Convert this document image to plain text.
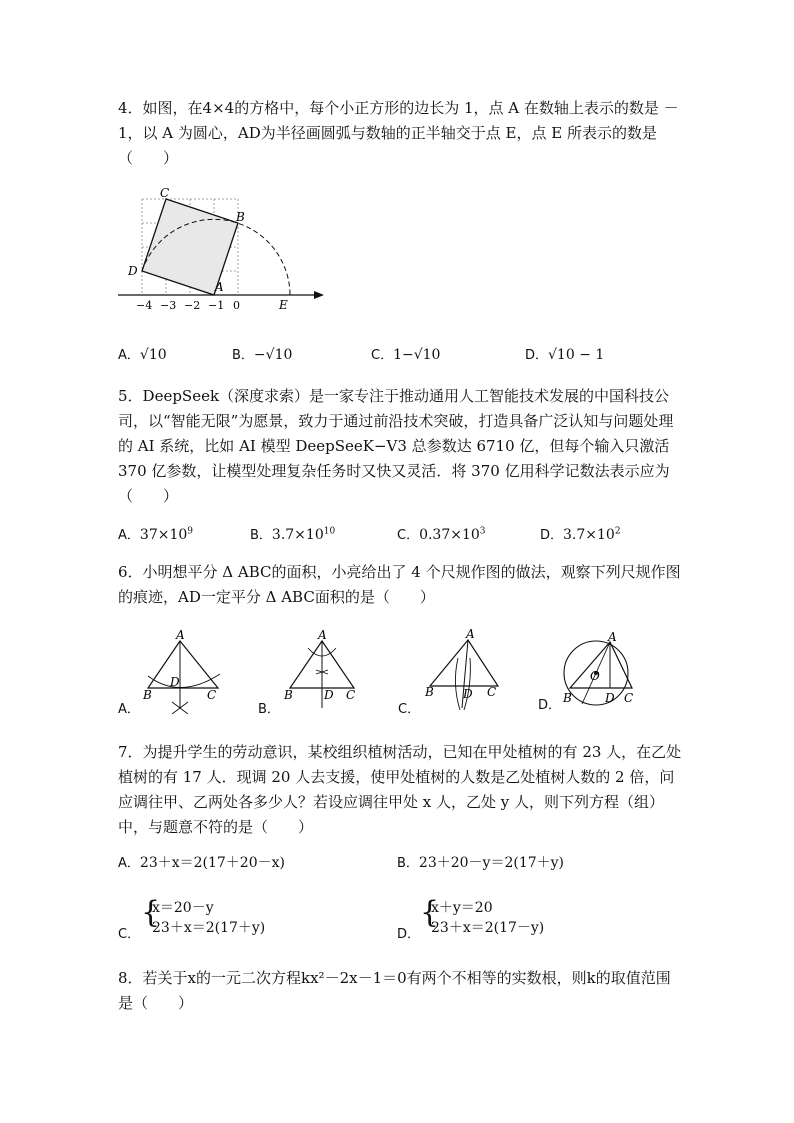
4．如图，在4×4的方格中，每个小正方形的边长为 1，点 A 在数轴上表示的数是 －1，以 A 为圆心，AD为半径画圆弧与数轴的正半轴交于点 E，点 E 所表示的数是（　　）
C
B
D
A
E
−4 −3 −2 −1 0
A．√10	B．−√10	C．1−√10	D．√10 − 1
5．DeepSeek（深度求索）是一家专注于推动通用人工智能技术发展的中国科技公司，以“智能无限”为愿景，致力于通过前沿技术突破，打造具备广泛认知与问题处理的 AI 系统，比如 AI 模型 DeepSeeK−V3 总参数达 6710 亿，但每个输入只激活 370 亿参数，让模型处理复杂任务时又快又灵活．将 370 亿用科学记数法表示应为（　　）
A．$37\times 10^9$	B．$3.7\times 10^{10}$	C．$0.37\times 10^3$	D．$3.7\times 10^2$
6．小明想平分 Δ ABC的面积，小亮给出了 4 个尺规作图的做法，观察下列尺规作图的痕迹，AD一定平分 Δ ABC面积的是（　　）
A
B
D
C
A．
A
B	D C
B．
A
B D C
C．
A
B
O
D C
D．
7．为提升学生的劳动意识，某校组织植树活动，已知在甲处植树的有 23 人，在乙处植树的有 17 人．现调 20 人去支援，使甲处植树的人数是乙处植树人数的 2 倍，问应调往甲、乙两处各多少人？若设应调往甲处 x 人，乙处 y 人，则下列方程（组）中，与题意不符的是（　　）
A．23＋x＝2(17＋20－x)	B．23＋20－y＝2(17＋y)
C．
{
x＝20－y
23＋x＝2(17＋y)	D．
{
x＋y＝20
23＋x＝2(17－y)
8．若关于x的一元二次方程kx²－2x－1＝0有两个不相等的实数根，则k的取值范围是（　　）
